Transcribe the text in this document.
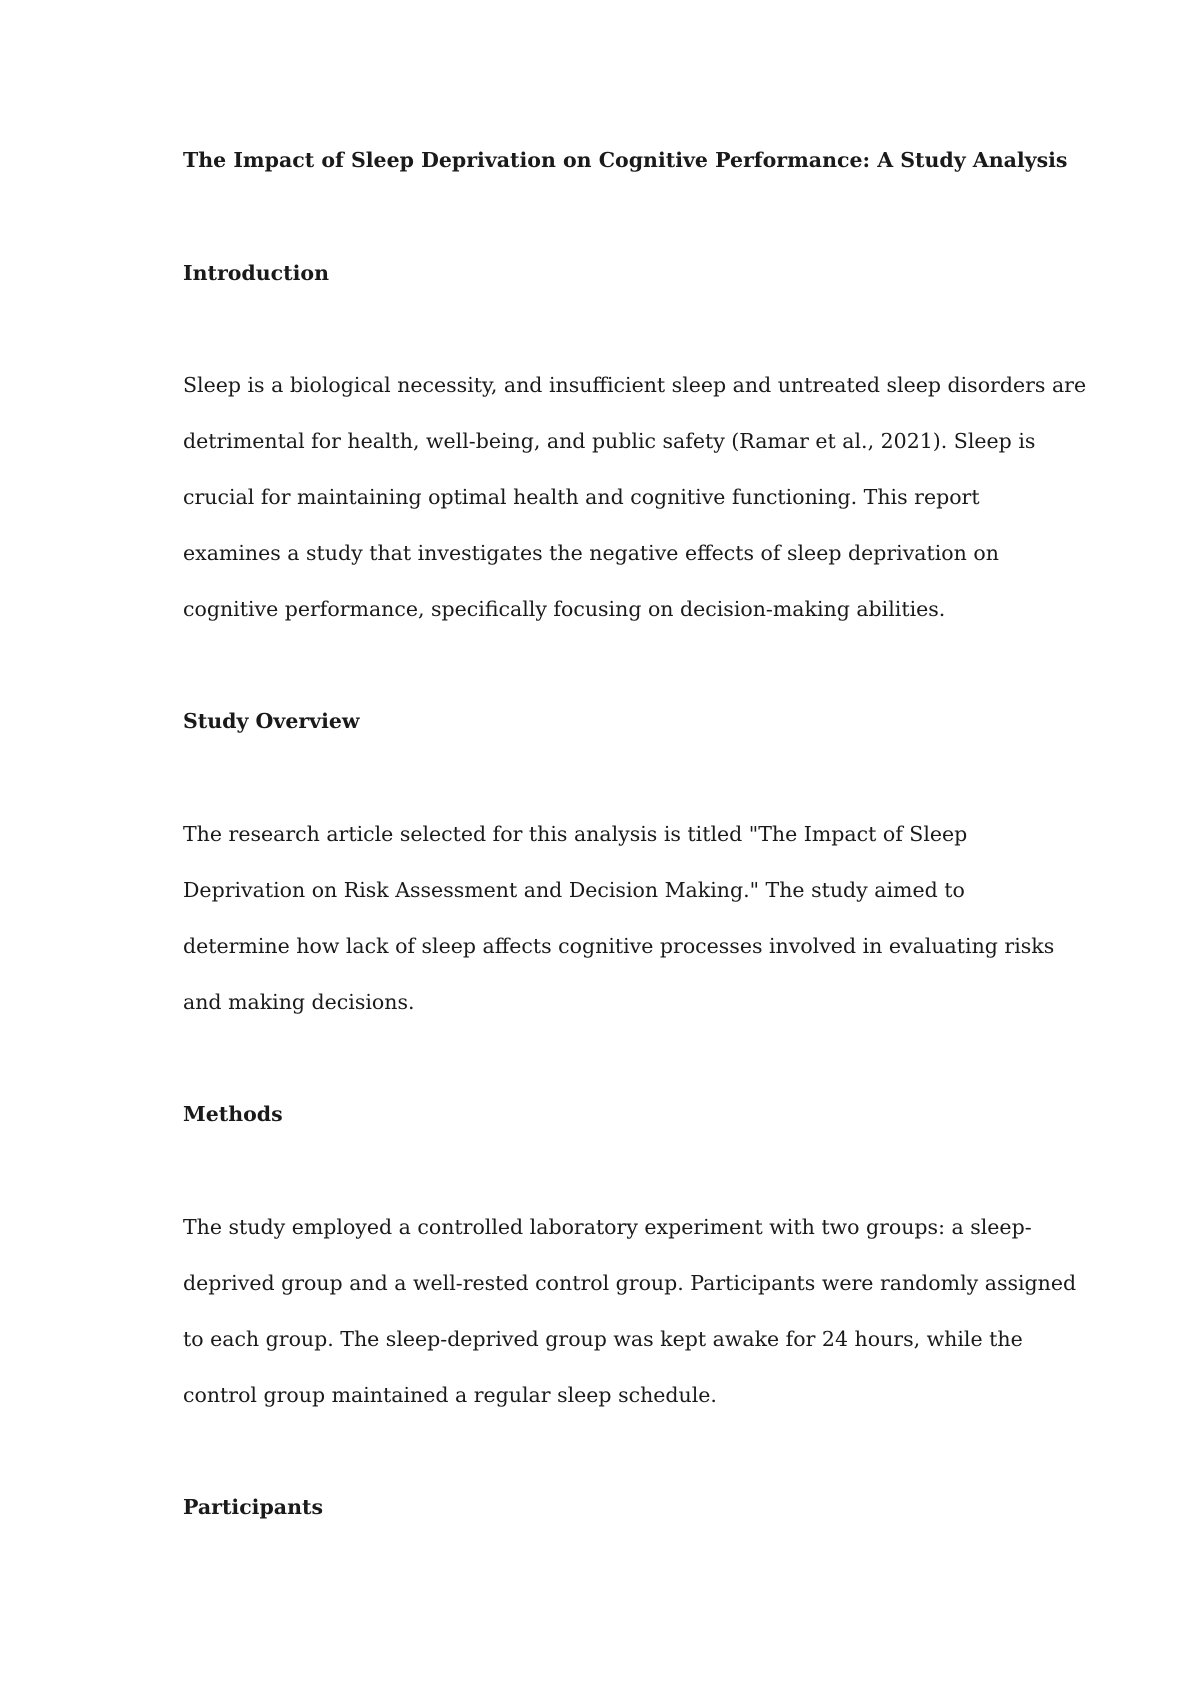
The Impact of Sleep Deprivation on Cognitive Performance: A Study Analysis
Introduction
Sleep is a biological necessity, and insufficient sleep and untreated sleep disorders are
detrimental for health, well-being, and public safety (Ramar et al., 2021). Sleep is
crucial for maintaining optimal health and cognitive functioning. This report
examines a study that investigates the negative effects of sleep deprivation on
cognitive performance, specifically focusing on decision-making abilities.
Study Overview
The research article selected for this analysis is titled "The Impact of Sleep
Deprivation on Risk Assessment and Decision Making." The study aimed to
determine how lack of sleep affects cognitive processes involved in evaluating risks
and making decisions.
Methods
The study employed a controlled laboratory experiment with two groups: a sleep-
deprived group and a well-rested control group. Participants were randomly assigned
to each group. The sleep-deprived group was kept awake for 24 hours, while the
control group maintained a regular sleep schedule.
Participants
